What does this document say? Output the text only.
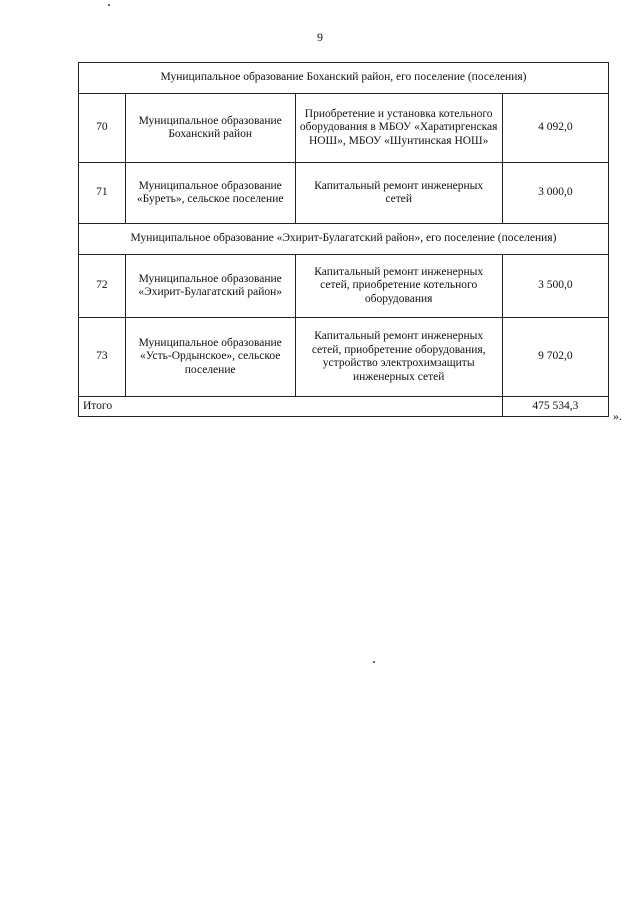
9
Муниципальное образование Боханский район, его поселение (поселения)			
70	Муниципальное образование Боханский район	Приобретение и установка котельного оборудования в МБОУ «Харатиргенская НОШ», МБОУ «Шунтинская НОШ»	4 092,0
71	Муниципальное образование «Буреть», сельское поселение	Капитальный ремонт инженерных сетей	3 000,0
Муниципальное образование «Эхирит-Булагатский район», его поселение (поселения)			
72	Муниципальное образование «Эхирит-Булагатский район»	Капитальный ремонт инженерных сетей, приобретение котельного оборудования	3 500,0
73	Муниципальное образование «Усть-Ордынское», сельское поселение	Капитальный ремонт инженерных сетей, приобретение оборудования, устройство электрохимзащиты инженерных сетей	9 702,0
Итого			475 534,3
».
